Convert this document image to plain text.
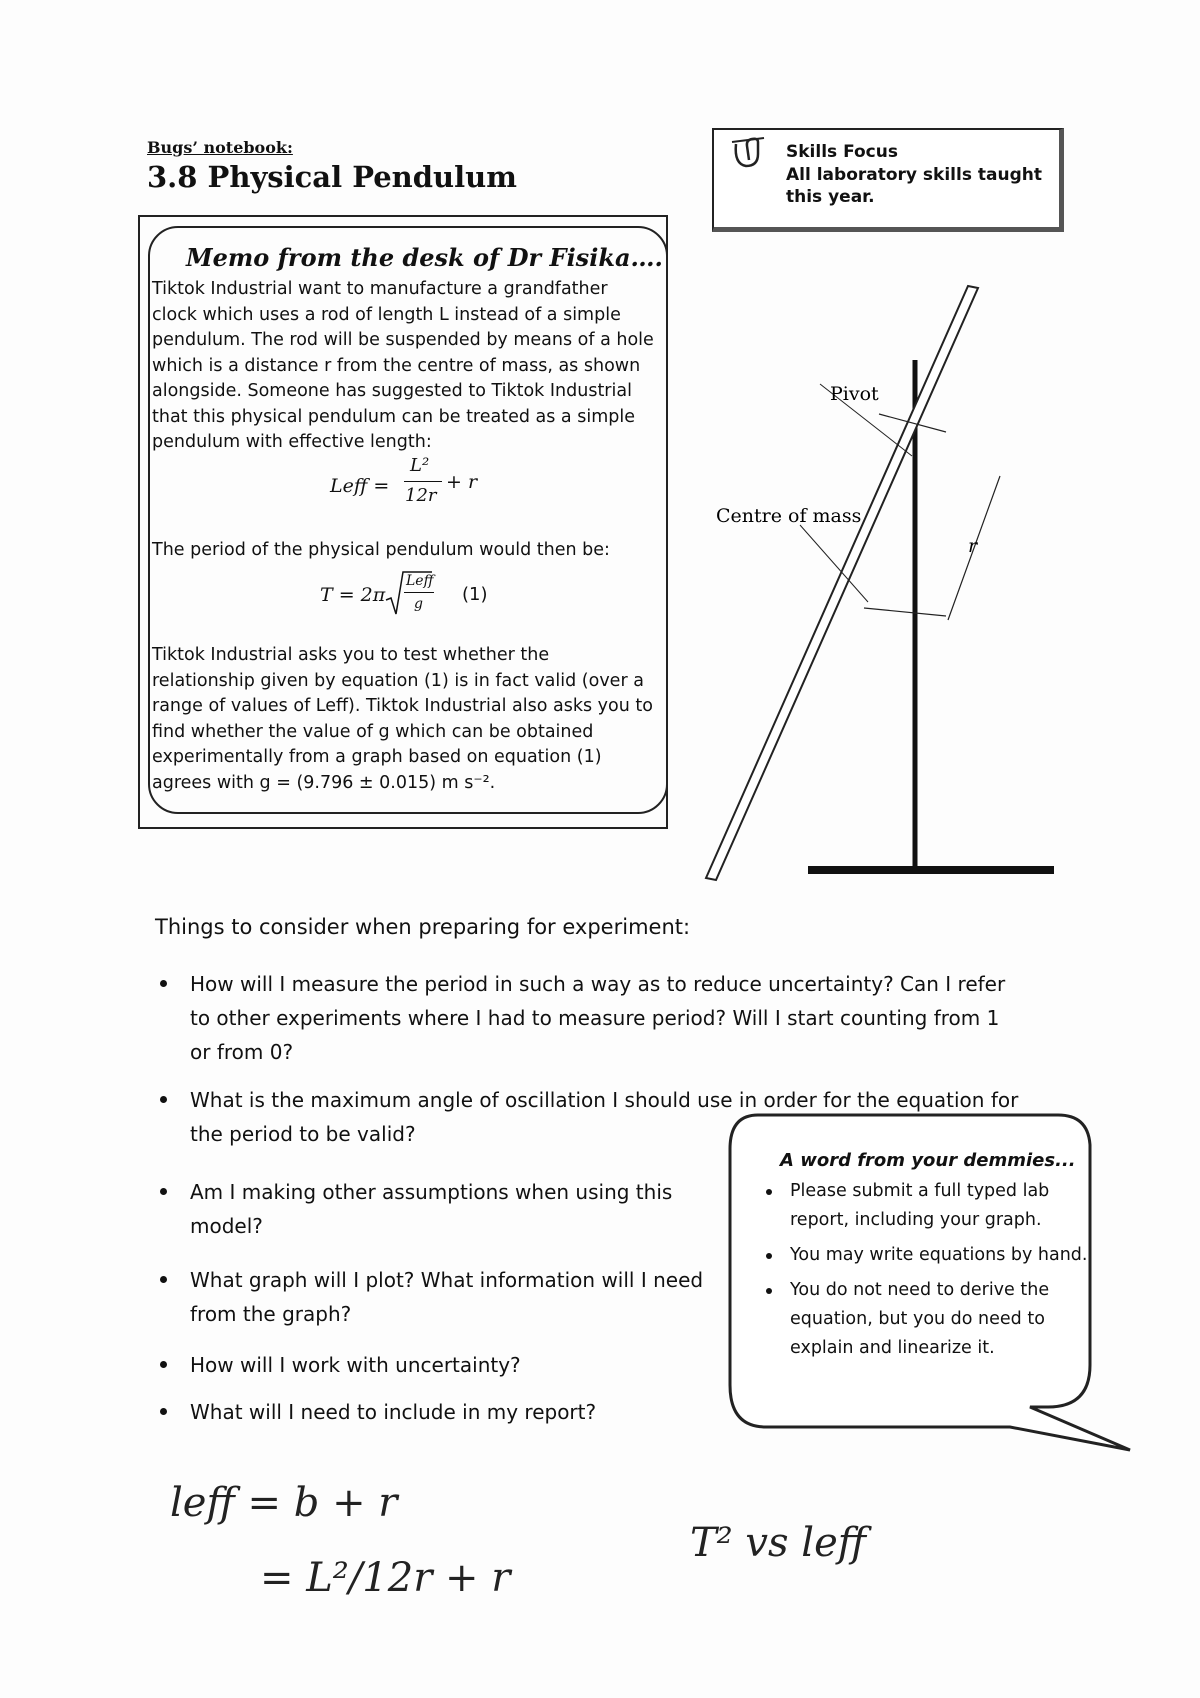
Bugs’ notebook:
3.8 Physical Pendulum
Skills Focus
All laboratory skills taught this year.
Memo from the desk of Dr Fisika….
Tiktok Industrial want to manufacture a grandfather clock which uses a rod of length L instead of a simple pendulum. The rod will be suspended by means of a hole which is a distance r from the centre of mass, as shown alongside. Someone has suggested to Tiktok Industrial that this physical pendulum can be treated as a simple pendulum with effective length:
Leff =
L²
12r
+ r
The period of the physical pendulum would then be:
T = 2π
Leff
g (1)
Tiktok Industrial asks you to test whether the relationship given by equation (1) is in fact valid (over a range of values of Leff). Tiktok Industrial also asks you to find whether the value of g which can be obtained experimentally from a graph based on equation (1) agrees with g = (9.796 ± 0.015) m s⁻².
Pivot
Centre of mass
r
Things to consider when preparing for experiment:
How will I measure the period in such a way as to reduce uncertainty? Can I refer to other experiments where I had to measure period? Will I start counting from 1 or from 0?
What is the maximum angle of oscillation I should use in order for the equation for the period to be valid?
Am I making other assumptions when using this model?
What graph will I plot? What information will I need from the graph?
How will I work with uncertainty?
What will I need to include in my report?
A word from your demmies...
Please submit a full typed lab report, including your graph.
You may write equations by hand.
You do not need to derive the equation, but you do need to explain and linearize it.
leff = b + r
= L²/12r + r
T² vs leff
